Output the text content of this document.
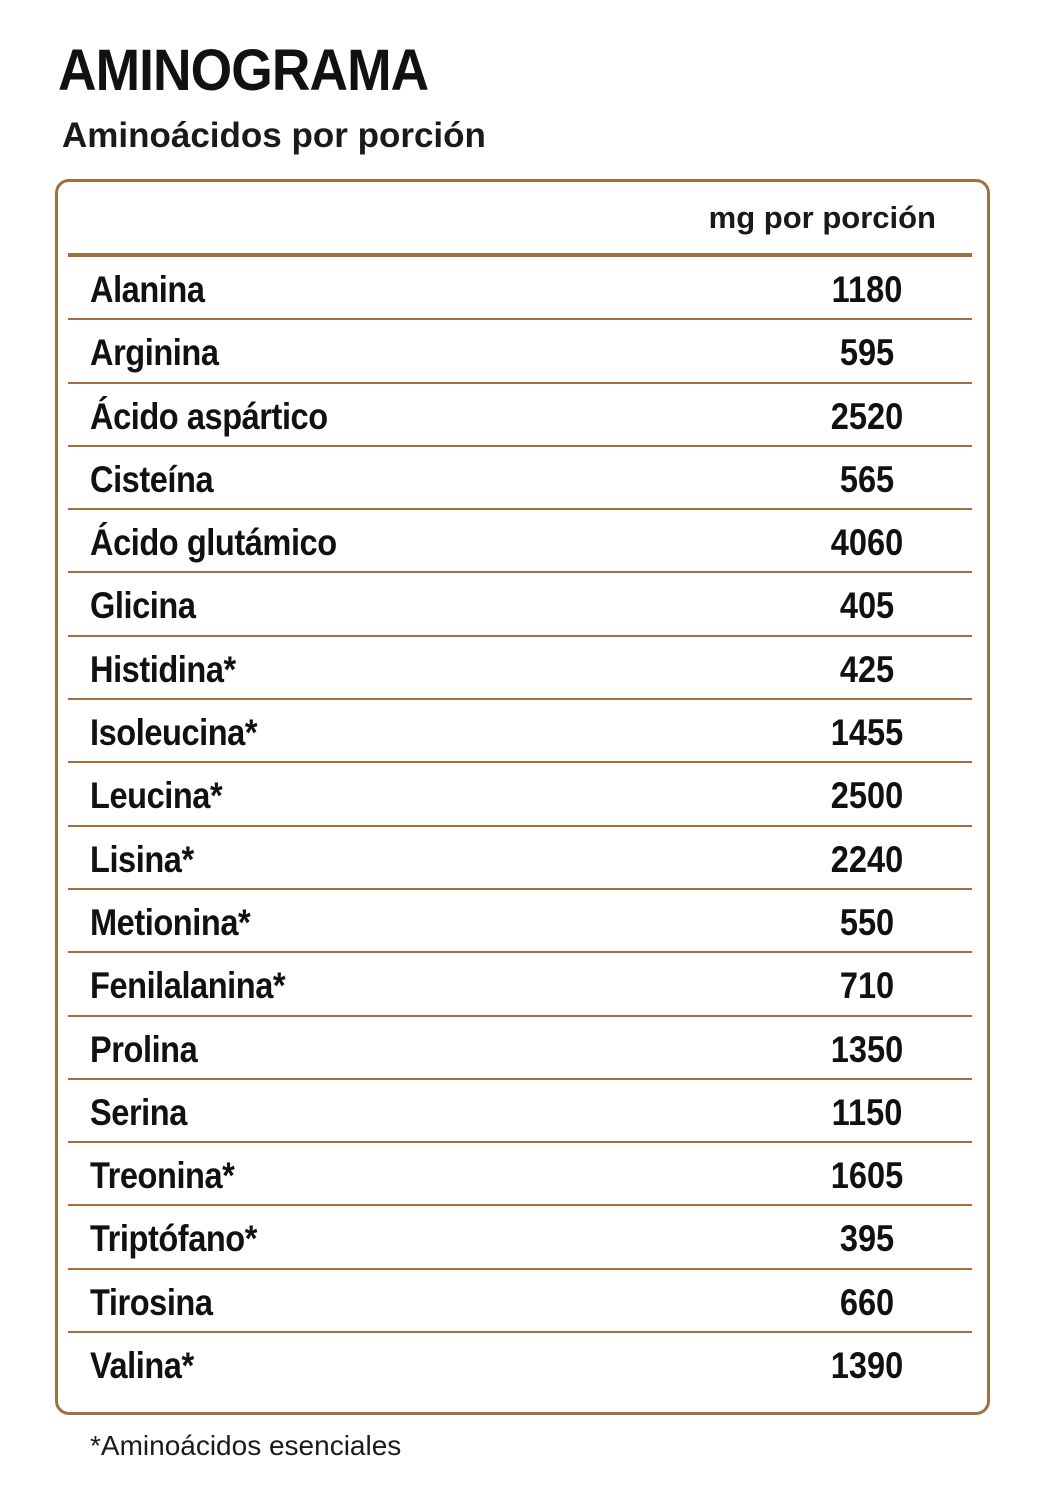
AMINOGRAMA
Aminoácidos por porción
mg por porción
Alanina	1180
Arginina	595
Ácido aspártico	2520
Cisteína	565
Ácido glutámico	4060
Glicina	405
Histidina*	425
Isoleucina*	1455
Leucina*	2500
Lisina*	2240
Metionina*	550
Fenilalanina*	710
Prolina	1350
Serina	1150
Treonina*	1605
Triptófano*	395
Tirosina	660
Valina*	1390
*Aminoácidos esenciales
